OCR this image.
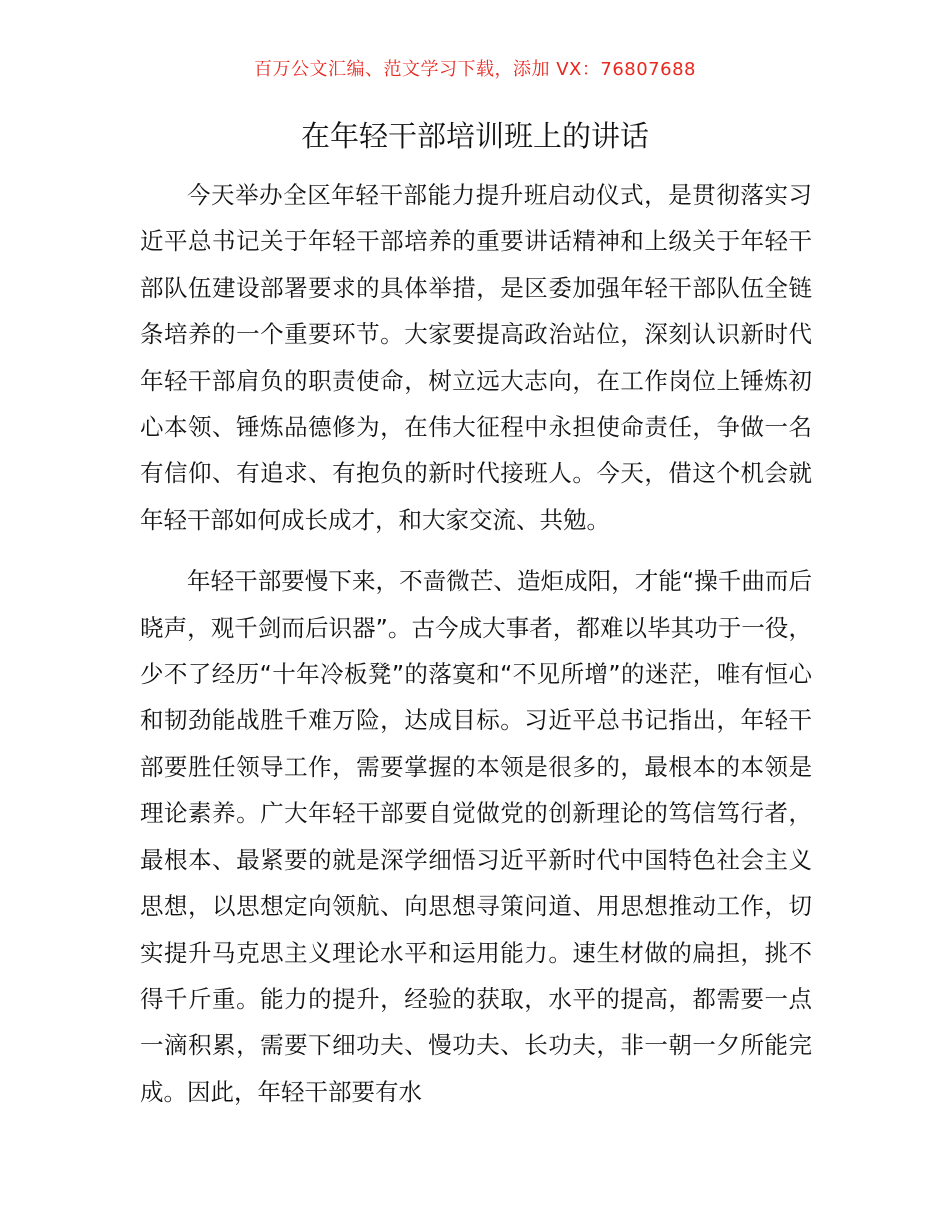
百万公文汇编、范文学习下载，添加 VX：76807688
在年轻干部培训班上的讲话

今天举办全区年轻干部能力提升班启动仪式，是贯彻落实习近平总书记关于年轻干部培养的重要讲话精神和上级关于年轻干部队伍建设部署要求的具体举措，是区委加强年轻干部队伍全链条培养的一个重要环节。大家要提高政治站位，深刻认识新时代年轻干部肩负的职责使命，树立远大志向，在工作岗位上锤炼初心本领、锤炼品德修为，在伟大征程中永担使命责任，争做一名有信仰、有追求、有抱负的新时代接班人。今天，借这个机会就年轻干部如何成长成才，和大家交流、共勉。

年轻干部要慢下来，不啬微芒、造炬成阳，才能“操千曲而后晓声，观千剑而后识器”。古今成大事者，都难以毕其功于一役，少不了经历“十年冷板凳”的落寞和“不见所增”的迷茫，唯有恒心和韧劲能战胜千难万险，达成目标。习近平总书记指出，年轻干部要胜任领导工作，需要掌握的本领是很多的，最根本的本领是理论素养。广大年轻干部要自觉做党的创新理论的笃信笃行者，最根本、最紧要的就是深学细悟习近平新时代中国特色社会主义思想，以思想定向领航、向思想寻策问道、用思想推动工作，切实提升马克思主义理论水平和运用能力。速生材做的扁担，挑不得千斤重。能力的提升，经验的获取，水平的提高，都需要一点一滴积累，需要下细功夫、慢功夫、长功夫，非一朝一夕所能完成。因此，年轻干部要有水
